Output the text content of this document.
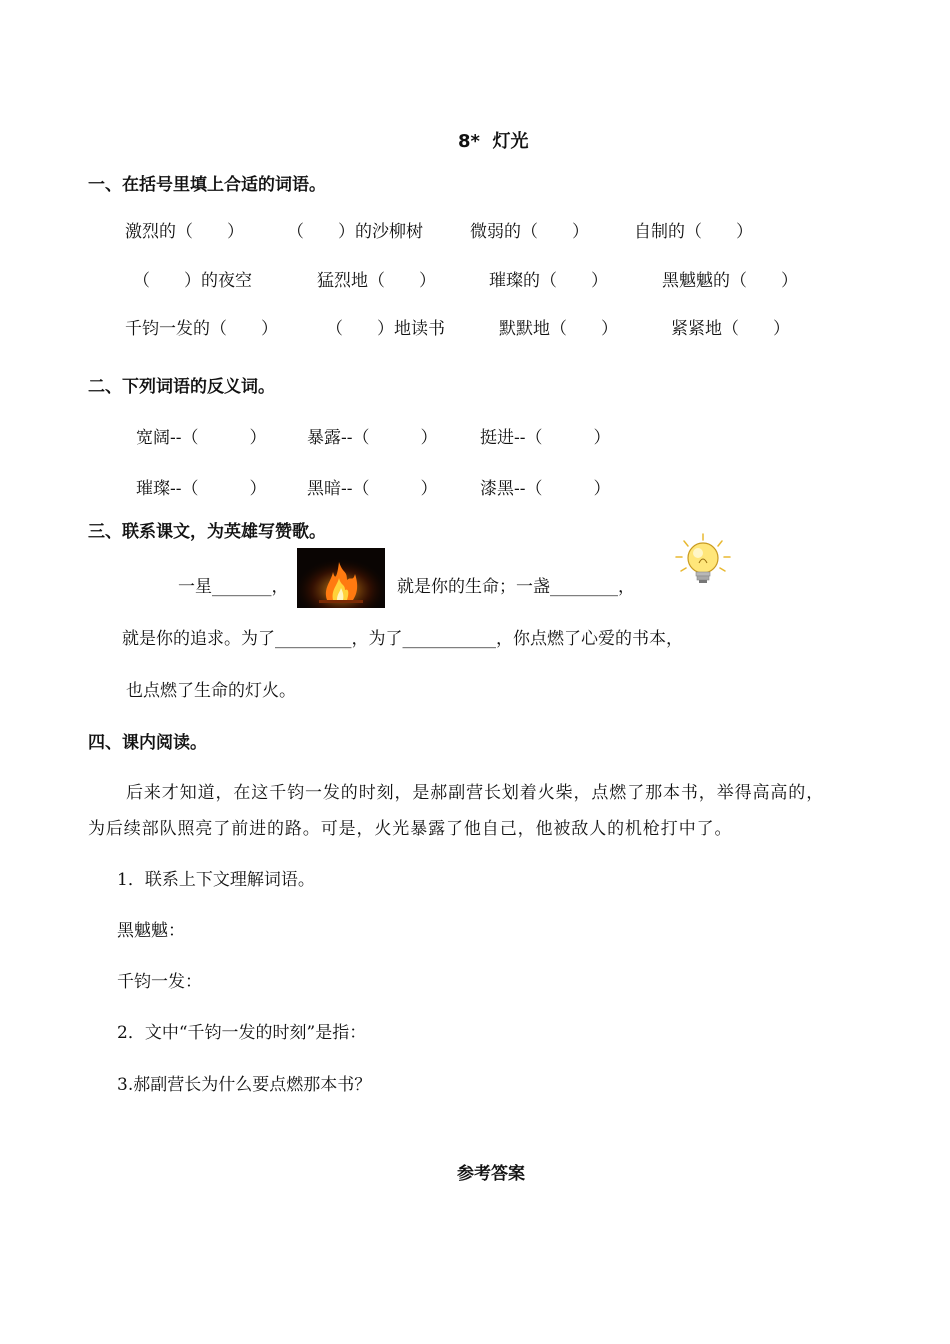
8*  灯光
一、在括号里填上合适的词语。
激烈的（　　）	（　　）的沙柳树	微弱的（　　）	自制的（　　）
（　　）的夜空	猛烈地（　　）	璀璨的（　　）	黑魆魆的（　　）
千钧一发的（　　）	（　　）地读书	默默地（　　）	紧紧地（　　）
二、下列词语的反义词。
宽阔--（　　　） 暴露--（　　　）	挺进--（　　　）
璀璨--（　　　） 黑暗--（　　　）	漆黑--（　　　）
三、联系课文，为英雄写赞歌。
一星_______，	就是你的生命；一盏________，
就是你的追求。为了_________，为了___________，你点燃了心爱的书本，
也点燃了生命的灯火。
四、课内阅读。
后来才知道，在这千钧一发的时刻，是郝副营长划着火柴，点燃了那本书，举得高高的，
为后续部队照亮了前进的路。可是，火光暴露了他自己，他被敌人的机枪打中了。
1．联系上下文理解词语。
黑魆魆：
千钧一发：
2．文中“千钧一发的时刻”是指：
3.郝副营长为什么要点燃那本书？
参考答案
